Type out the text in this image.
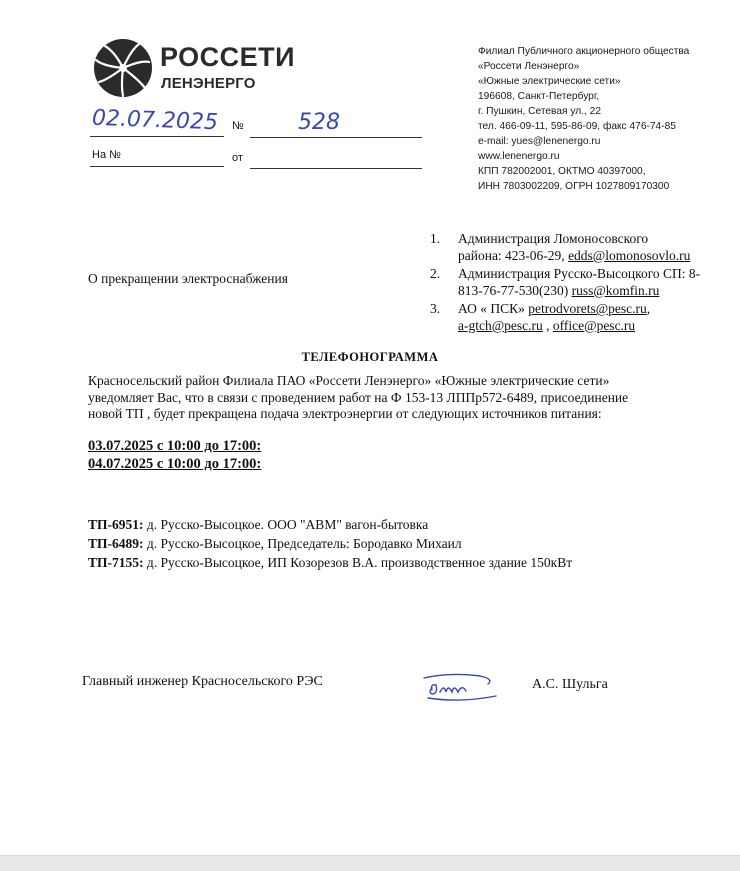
РОССЕТИ
ЛЕНЭНЕРГО
Филиал Публичного акционерного общества
«Россети Ленэнерго»
«Южные электрические сети»
196608, Санкт-Петербург,
г. Пушкин, Сетевая ул., 22
тел. 466-09-11, 595-86-09, факс 476-74-85
e-mail: yues@lenenergo.ru
www.lenenergo.ru
КПП 782002001, ОКТМО 40397000,
ИНН 7803002209, ОГРН 1027809170300
02.07.2025 № 528
На №	от
1. Администрация Ломоносовского
района: 423-06-29, edds@lomonosovlo.ru
2. Администрация Русско-Высоцкого СП: 8-
813-76-77-530(230) russ@komfin.ru
3. АО « ПСК» petrodvorets@pesc.ru,
a-gtch@pesc.ru , office@pesc.ru
О прекращении электроснабжения
ТЕЛЕФОНОГРАММА
Красносельский район Филиала ПАО «Россети Ленэнерго» «Южные электрические сети»
уведомляет Вас, что в связи с проведением работ на Ф 153-13 ЛППр572-6489, присоединение
новой ТП , будет прекращена подача электроэнергии от следующих источников питания:
03.07.2025 с 10:00 до 17:00:
04.07.2025 с 10:00 до 17:00:
ТП-6951: д. Русско-Высоцкое. ООО "АВМ" вагон-бытовка
ТП-6489: д. Русско-Высоцкое, Председатель: Бородавко Михаил
ТП-7155: д. Русско-Высоцкое, ИП Козорезов В.А. производственное здание 150кВт
Главный инженер Красносельского РЭС	А.С. Шульга
